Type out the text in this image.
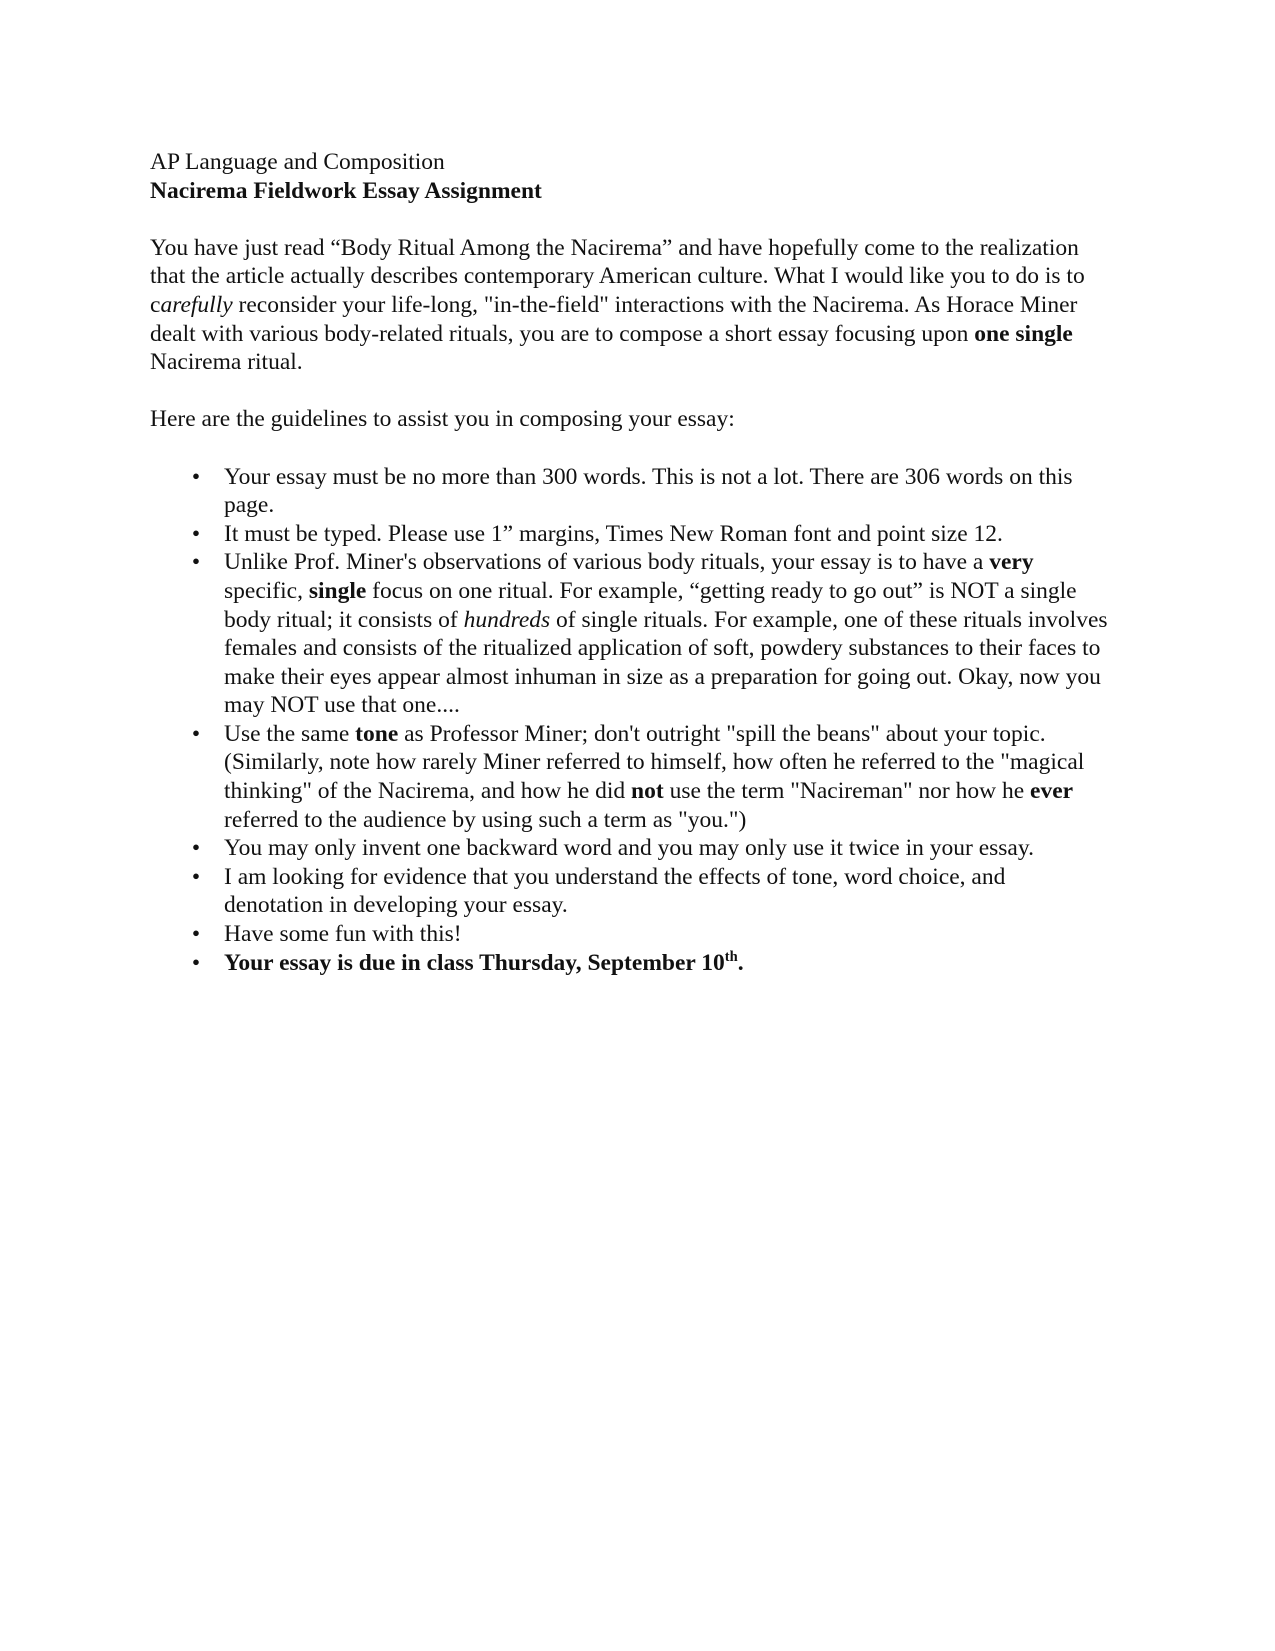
AP Language and Composition

Nacirema Fieldwork Essay Assignment

You have just read “Body Ritual Among the Nacirema” and have hopefully come to the realization that the article actually describes contemporary American culture. What I would like you to do is to carefully reconsider your life-long, "in-the-field" interactions with the Nacirema. As Horace Miner dealt with various body-related rituals, you are to compose a short essay focusing upon one single Nacirema ritual.

Here are the guidelines to assist you in composing your essay:

•
Your essay must be no more than 300 words. This is not a lot. There are 306 words on this page.
•
It must be typed. Please use 1” margins, Times New Roman font and point size 12.
•
Unlike Prof. Miner's observations of various body rituals, your essay is to have a very specific, single focus on one ritual. For example, “getting ready to go out” is NOT a single body ritual; it consists of hundreds of single rituals. For example, one of these rituals involves females and consists of the ritualized application of soft, powdery substances to their faces to make their eyes appear almost inhuman in size as a preparation for going out. Okay, now you may NOT use that one....
•
Use the same tone as Professor Miner; don't outright "spill the beans" about your topic. (Similarly, note how rarely Miner referred to himself, how often he referred to the "magical thinking" of the Nacirema, and how he did not use the term "Nacireman" nor how he ever referred to the audience by using such a term as "you.")
•
You may only invent one backward word and you may only use it twice in your essay.
•
I am looking for evidence that you understand the effects of tone, word choice, and denotation in developing your essay.
•
Have some fun with this!
•
Your essay is due in class Thursday, September 10th.
